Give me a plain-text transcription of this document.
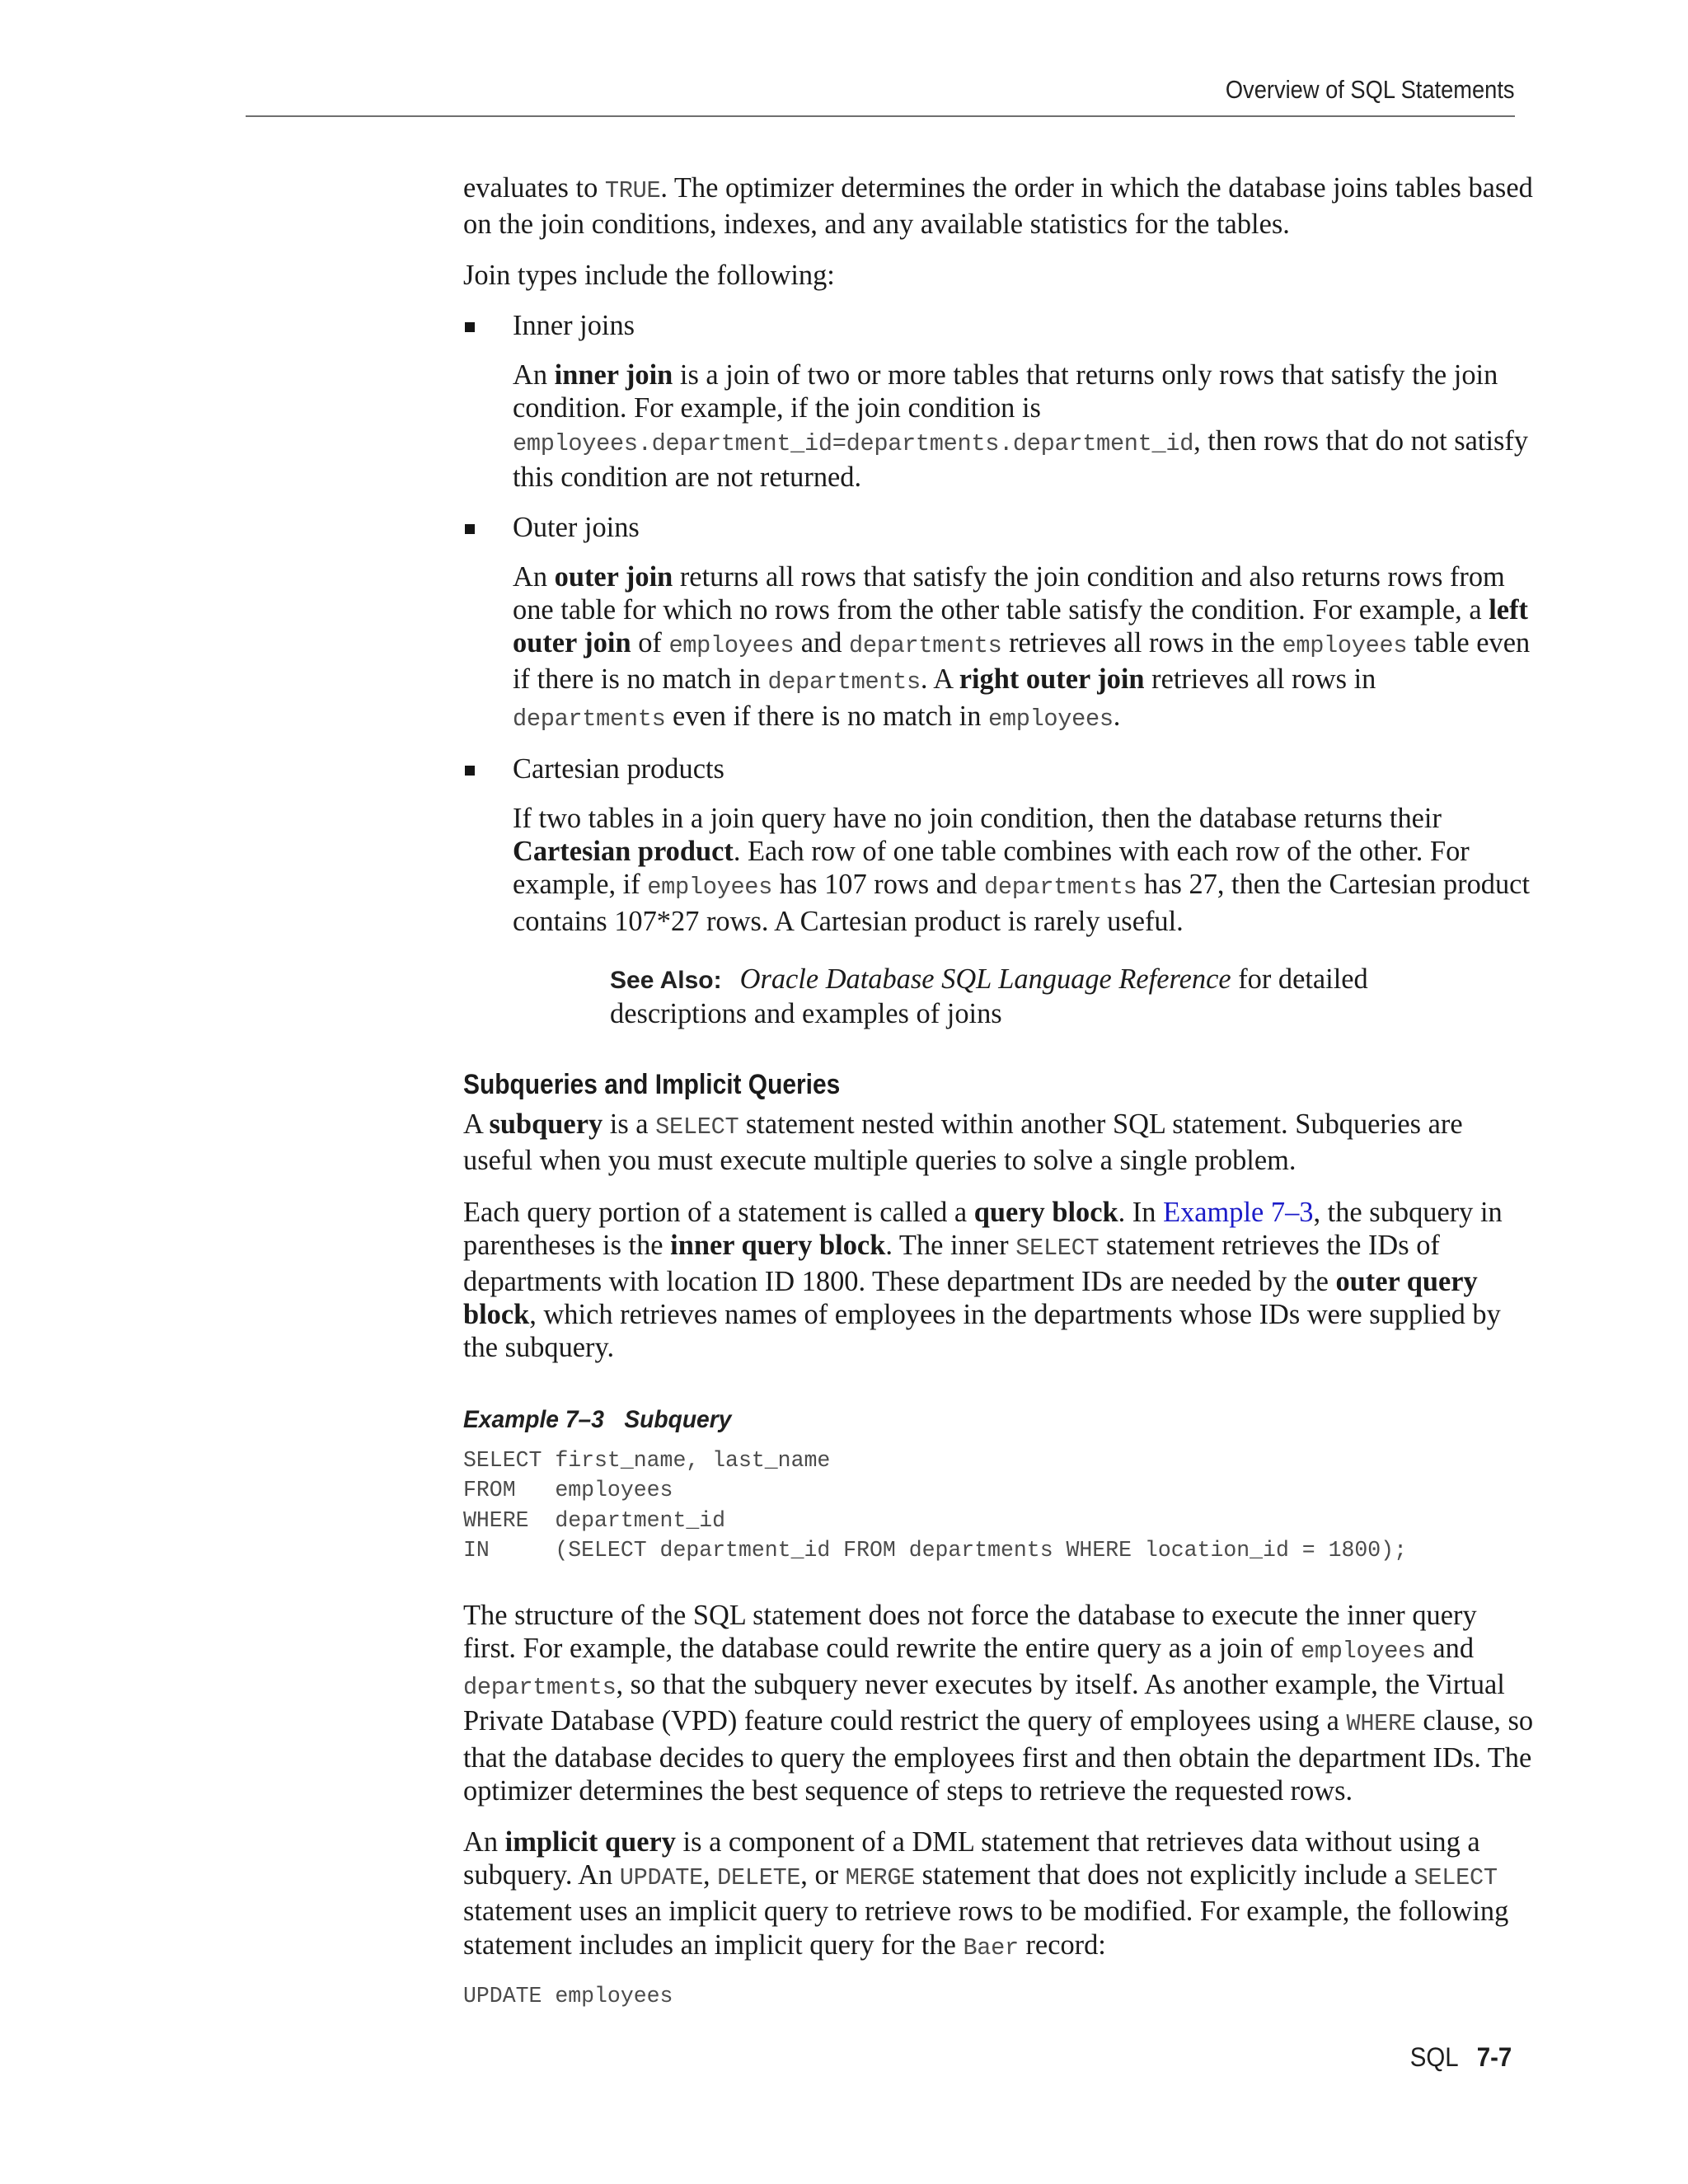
Overview of SQL Statements

evaluates to TRUE. The optimizer determines the order in which the database joins tables based on the join conditions, indexes, and any available statistics for the tables.

Join types include the following:

Inner joins

An inner join is a join of two or more tables that returns only rows that satisfy the join condition. For example, if the join condition is employees.department_id=departments.department_id, then rows that do not satisfy this condition are not returned.

Outer joins

An outer join returns all rows that satisfy the join condition and also returns rows from one table for which no rows from the other table satisfy the condition. For example, a left outer join of employees and departments retrieves all rows in the employees table even if there is no match in departments. A right outer join retrieves all rows in departments even if there is no match in employees.

Cartesian products

If two tables in a join query have no join condition, then the database returns their Cartesian product. Each row of one table combines with each row of the other. For example, if employees has 107 rows and departments has 27, then the Cartesian product contains 107*27 rows. A Cartesian product is rarely useful.

See Also: Oracle Database SQL Language Reference for detailed descriptions and examples of joins

Subqueries and Implicit Queries

A subquery is a SELECT statement nested within another SQL statement. Subqueries are useful when you must execute multiple queries to solve a single problem.

Each query portion of a statement is called a query block. In Example 7–3, the subquery in parentheses is the inner query block. The inner SELECT statement retrieves the IDs of departments with location ID 1800. These department IDs are needed by the outer query block, which retrieves names of employees in the departments whose IDs were supplied by the subquery.

Example 7–3 Subquery
SELECT first_name, last_name
FROM   employees
WHERE  department_id
IN     (SELECT department_id FROM departments WHERE location_id = 1800);

The structure of the SQL statement does not force the database to execute the inner query first. For example, the database could rewrite the entire query as a join of employees and departments, so that the subquery never executes by itself. As another example, the Virtual Private Database (VPD) feature could restrict the query of employees using a WHERE clause, so that the database decides to query the employees first and then obtain the department IDs. The optimizer determines the best sequence of steps to retrieve the requested rows.

An implicit query is a component of a DML statement that retrieves data without using a subquery. An UPDATE, DELETE, or MERGE statement that does not explicitly include a SELECT statement uses an implicit query to retrieve rows to be modified. For example, the following statement includes an implicit query for the Baer record:

UPDATE employees
SQL 7-7
